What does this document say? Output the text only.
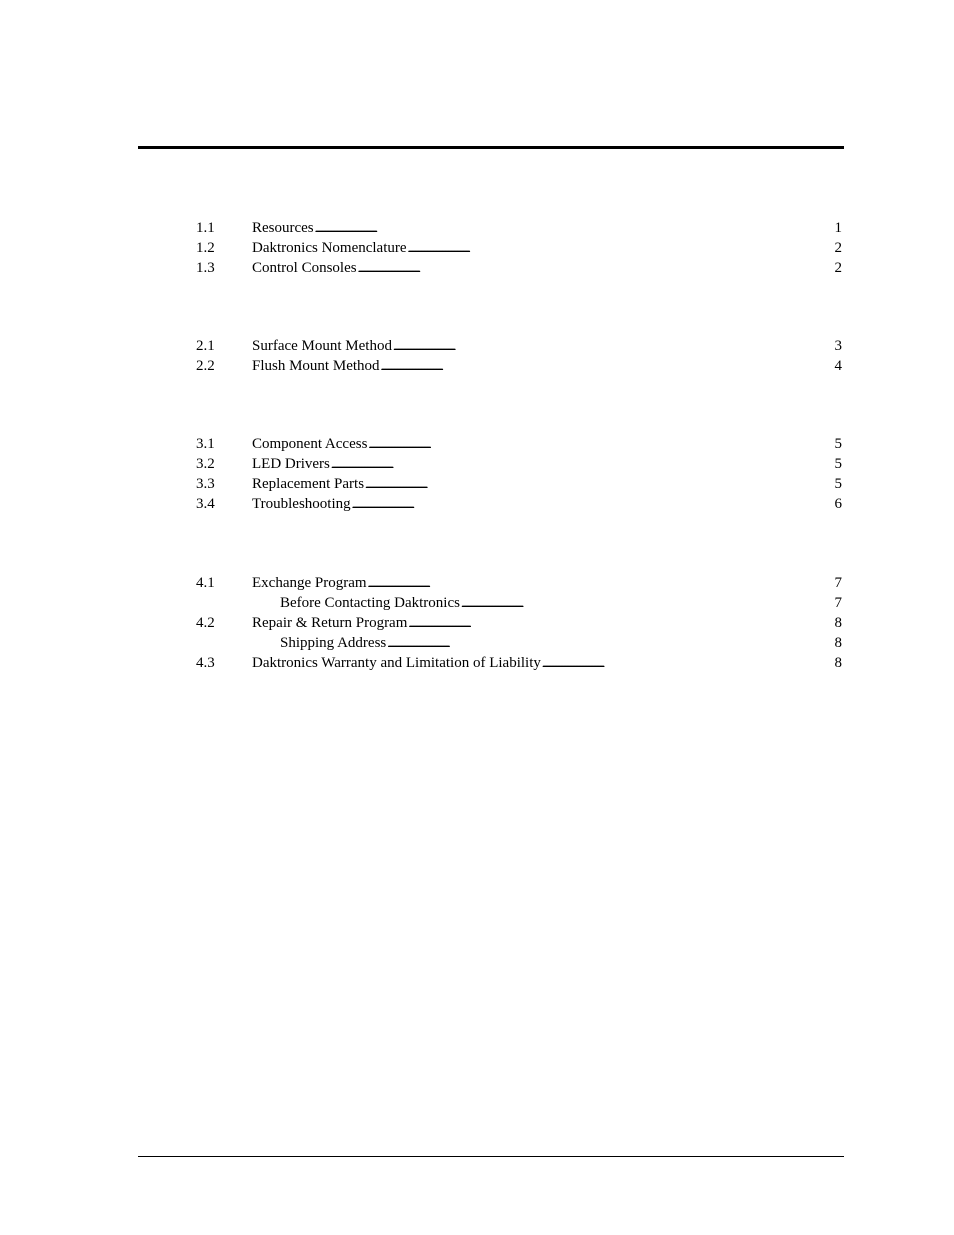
1.1	Resources . . .	1
1.2	Daktronics Nomenclature . . .	2
1.3	Control Consoles . . .	2
2.1	Surface Mount Method . . .	3
2.2	Flush Mount Method . . .	4
3.1	Component Access . . .	5
3.2	LED Drivers . . .	5
3.3	Replacement Parts . . .	5
3.4	Troubleshooting . . .	6
4.1	Exchange Program . . .	7
Before Contacting Daktronics . . .	7
4.2	Repair & Return Program . . .	8
Shipping Address . . .	8
4.3	Daktronics Warranty and Limitation of Liability . . .	8
